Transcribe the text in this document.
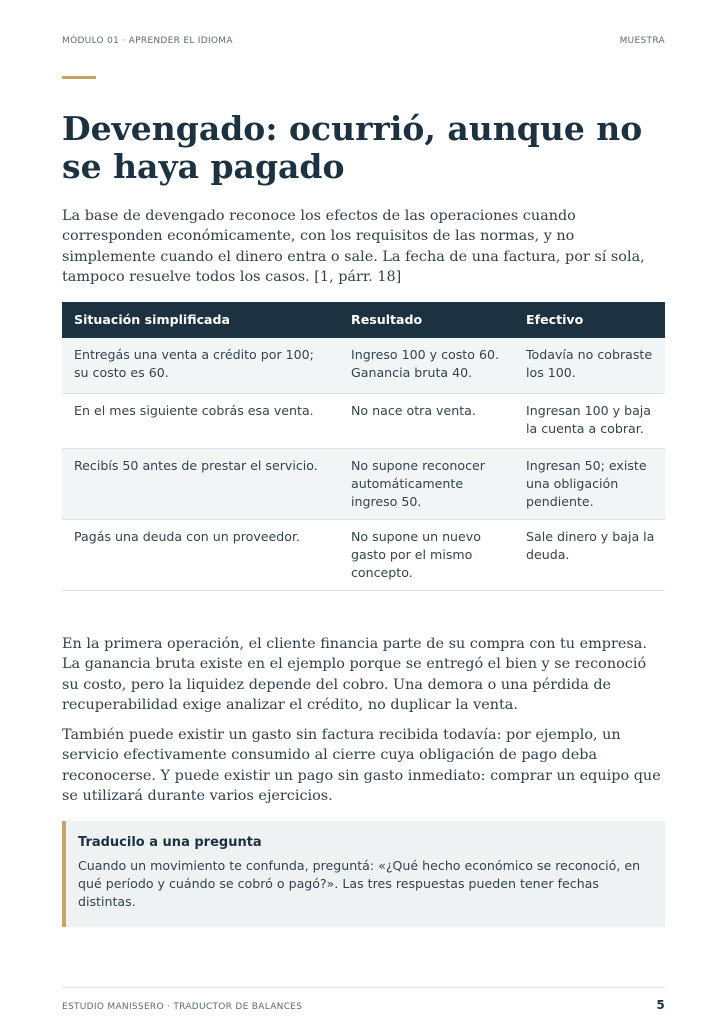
MÓDULO 01 · APRENDER EL IDIOMA	MUESTRA
Devengado: ocurrió, aunque no se haya pagado

La base de devengado reconoce los efectos de las operaciones cuando corresponden económicamente, con los requisitos de las normas, y no simplemente cuando el dinero entra o sale. La fecha de una factura, por sí sola, tampoco resuelve todos los casos. [1, párr. 18]

Situación simplificada	Resultado	Efectivo
Entregás una venta a crédito por 100; su costo es 60.	Ingreso 100 y costo 60. Ganancia bruta 40.	Todavía no cobraste los 100.
En el mes siguiente cobrás esa venta.	No nace otra venta.	Ingresan 100 y baja la cuenta a cobrar.
Recibís 50 antes de prestar el servicio.	No supone reconocer automáticamente ingreso 50.	Ingresan 50; existe una obligación pendiente.
Pagás una deuda con un proveedor.	No supone un nuevo gasto por el mismo concepto.	Sale dinero y baja la deuda.

En la primera operación, el cliente financia parte de su compra con tu empresa. La ganancia bruta existe en el ejemplo porque se entregó el bien y se reconoció su costo, pero la liquidez depende del cobro. Una demora o una pérdida de recuperabilidad exige analizar el crédito, no duplicar la venta.

También puede existir un gasto sin factura recibida todavía: por ejemplo, un servicio efectivamente consumido al cierre cuya obligación de pago deba reconocerse. Y puede existir un pago sin gasto inmediato: comprar un equipo que se utilizará durante varios ejercicios.

Traducilo a una pregunta

Cuando un movimiento te confunda, preguntá: «¿Qué hecho económico se reconoció, en qué período y cuándo se cobró o pagó?». Las tres respuestas pueden tener fechas distintas.

ESTUDIO MANISSERO · TRADUCTOR DE BALANCES	5
